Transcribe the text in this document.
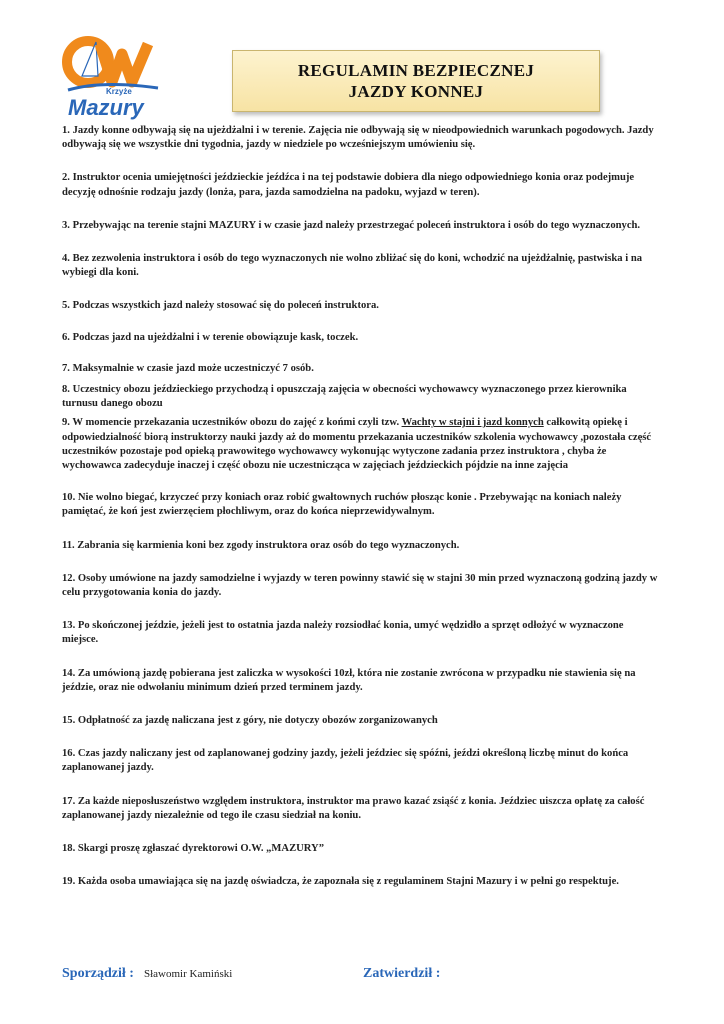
Mazury
Krzyże
REGULAMIN BEZPIECZNEJ
JAZDY KONNEJ
1. Jazdy konne odbywają się na ujeżdżalni i w terenie. Zajęcia nie odbywają się w nieodpowiednich warunkach pogodowych. Jazdy odbywają się we wszystkie dni tygodnia, jazdy w niedziele po wcześniejszym umówieniu się.
2. Instruktor ocenia umiejętności jeździeckie jeźdźca i na tej podstawie dobiera dla niego odpowiedniego konia oraz podejmuje decyzję odnośnie rodzaju jazdy (lonża, para, jazda samodzielna na padoku, wyjazd w teren).
3. Przebywając na terenie stajni MAZURY i w czasie jazd należy przestrzegać poleceń instruktora i osób do tego wyznaczonych.
4. Bez zezwolenia instruktora i osób do tego wyznaczonych nie wolno zbliżać się do koni, wchodzić na ujeżdżalnię, pastwiska i na wybiegi dla koni.
5. Podczas wszystkich jazd należy stosować się do poleceń instruktora.
6. Podczas jazd na ujeżdżalni i w terenie obowiązuje kask, toczek.
7. Maksymalnie w czasie jazd może uczestniczyć 7 osób.
8. Uczestnicy obozu jeździeckiego przychodzą i opuszczają zajęcia w obecności wychowawcy wyznaczonego przez kierownika turnusu danego obozu
9. W momencie przekazania uczestników obozu do zajęć z końmi czyli tzw. Wachty w stajni i jazd konnych całkowitą opiekę i odpowiedzialność biorą instruktorzy nauki jazdy aż do momentu przekazania uczestników szkolenia wychowawcy ,pozostała część uczestników pozostaje pod opieką prawowitego wychowawcy wykonując wytyczone zadania przez instruktora , chyba że wychowawca zadecyduje inaczej i część obozu nie uczestnicząca w zajęciach jeździeckich pójdzie na inne zajęcia
10. Nie wolno biegać, krzyczeć przy koniach oraz robić gwałtownych ruchów płosząc konie . Przebywając na koniach należy pamiętać, że koń jest zwierzęciem płochliwym, oraz do końca nieprzewidywalnym.
11. Zabrania się karmienia koni bez zgody instruktora oraz osób do tego wyznaczonych.
12. Osoby umówione na jazdy samodzielne i wyjazdy w teren powinny stawić się w stajni 30 min przed wyznaczoną godziną jazdy w celu przygotowania konia do jazdy.
13. Po skończonej jeździe, jeżeli jest to ostatnia jazda należy rozsiodłać konia, umyć wędzidło a sprzęt odłożyć w wyznaczone miejsce.
14. Za umówioną jazdę pobierana jest zaliczka w wysokości 10zł, która nie zostanie zwrócona w przypadku nie stawienia się na jeździe, oraz nie odwołaniu minimum dzień przed terminem jazdy.
15. Odpłatność za jazdę naliczana jest z góry, nie dotyczy obozów zorganizowanych
16. Czas jazdy naliczany jest od zaplanowanej godziny jazdy, jeżeli jeździec się spóźni, jeździ określoną liczbę minut do końca zaplanowanej jazdy.
17. Za każde nieposłuszeństwo względem instruktora, instruktor ma prawo kazać zsiąść z konia. Jeździec uiszcza opłatę za całość zaplanowanej jazdy niezależnie od tego ile czasu siedział na koniu.
18. Skargi proszę zgłaszać dyrektorowi O.W. „MAZURY”
19. Każda osoba umawiająca się na jazdę oświadcza, że zapoznała się z regulaminem Stajni Mazury i w pełni go respektuje.
Sporządził : Sławomir Kamiński	Zatwierdził :
